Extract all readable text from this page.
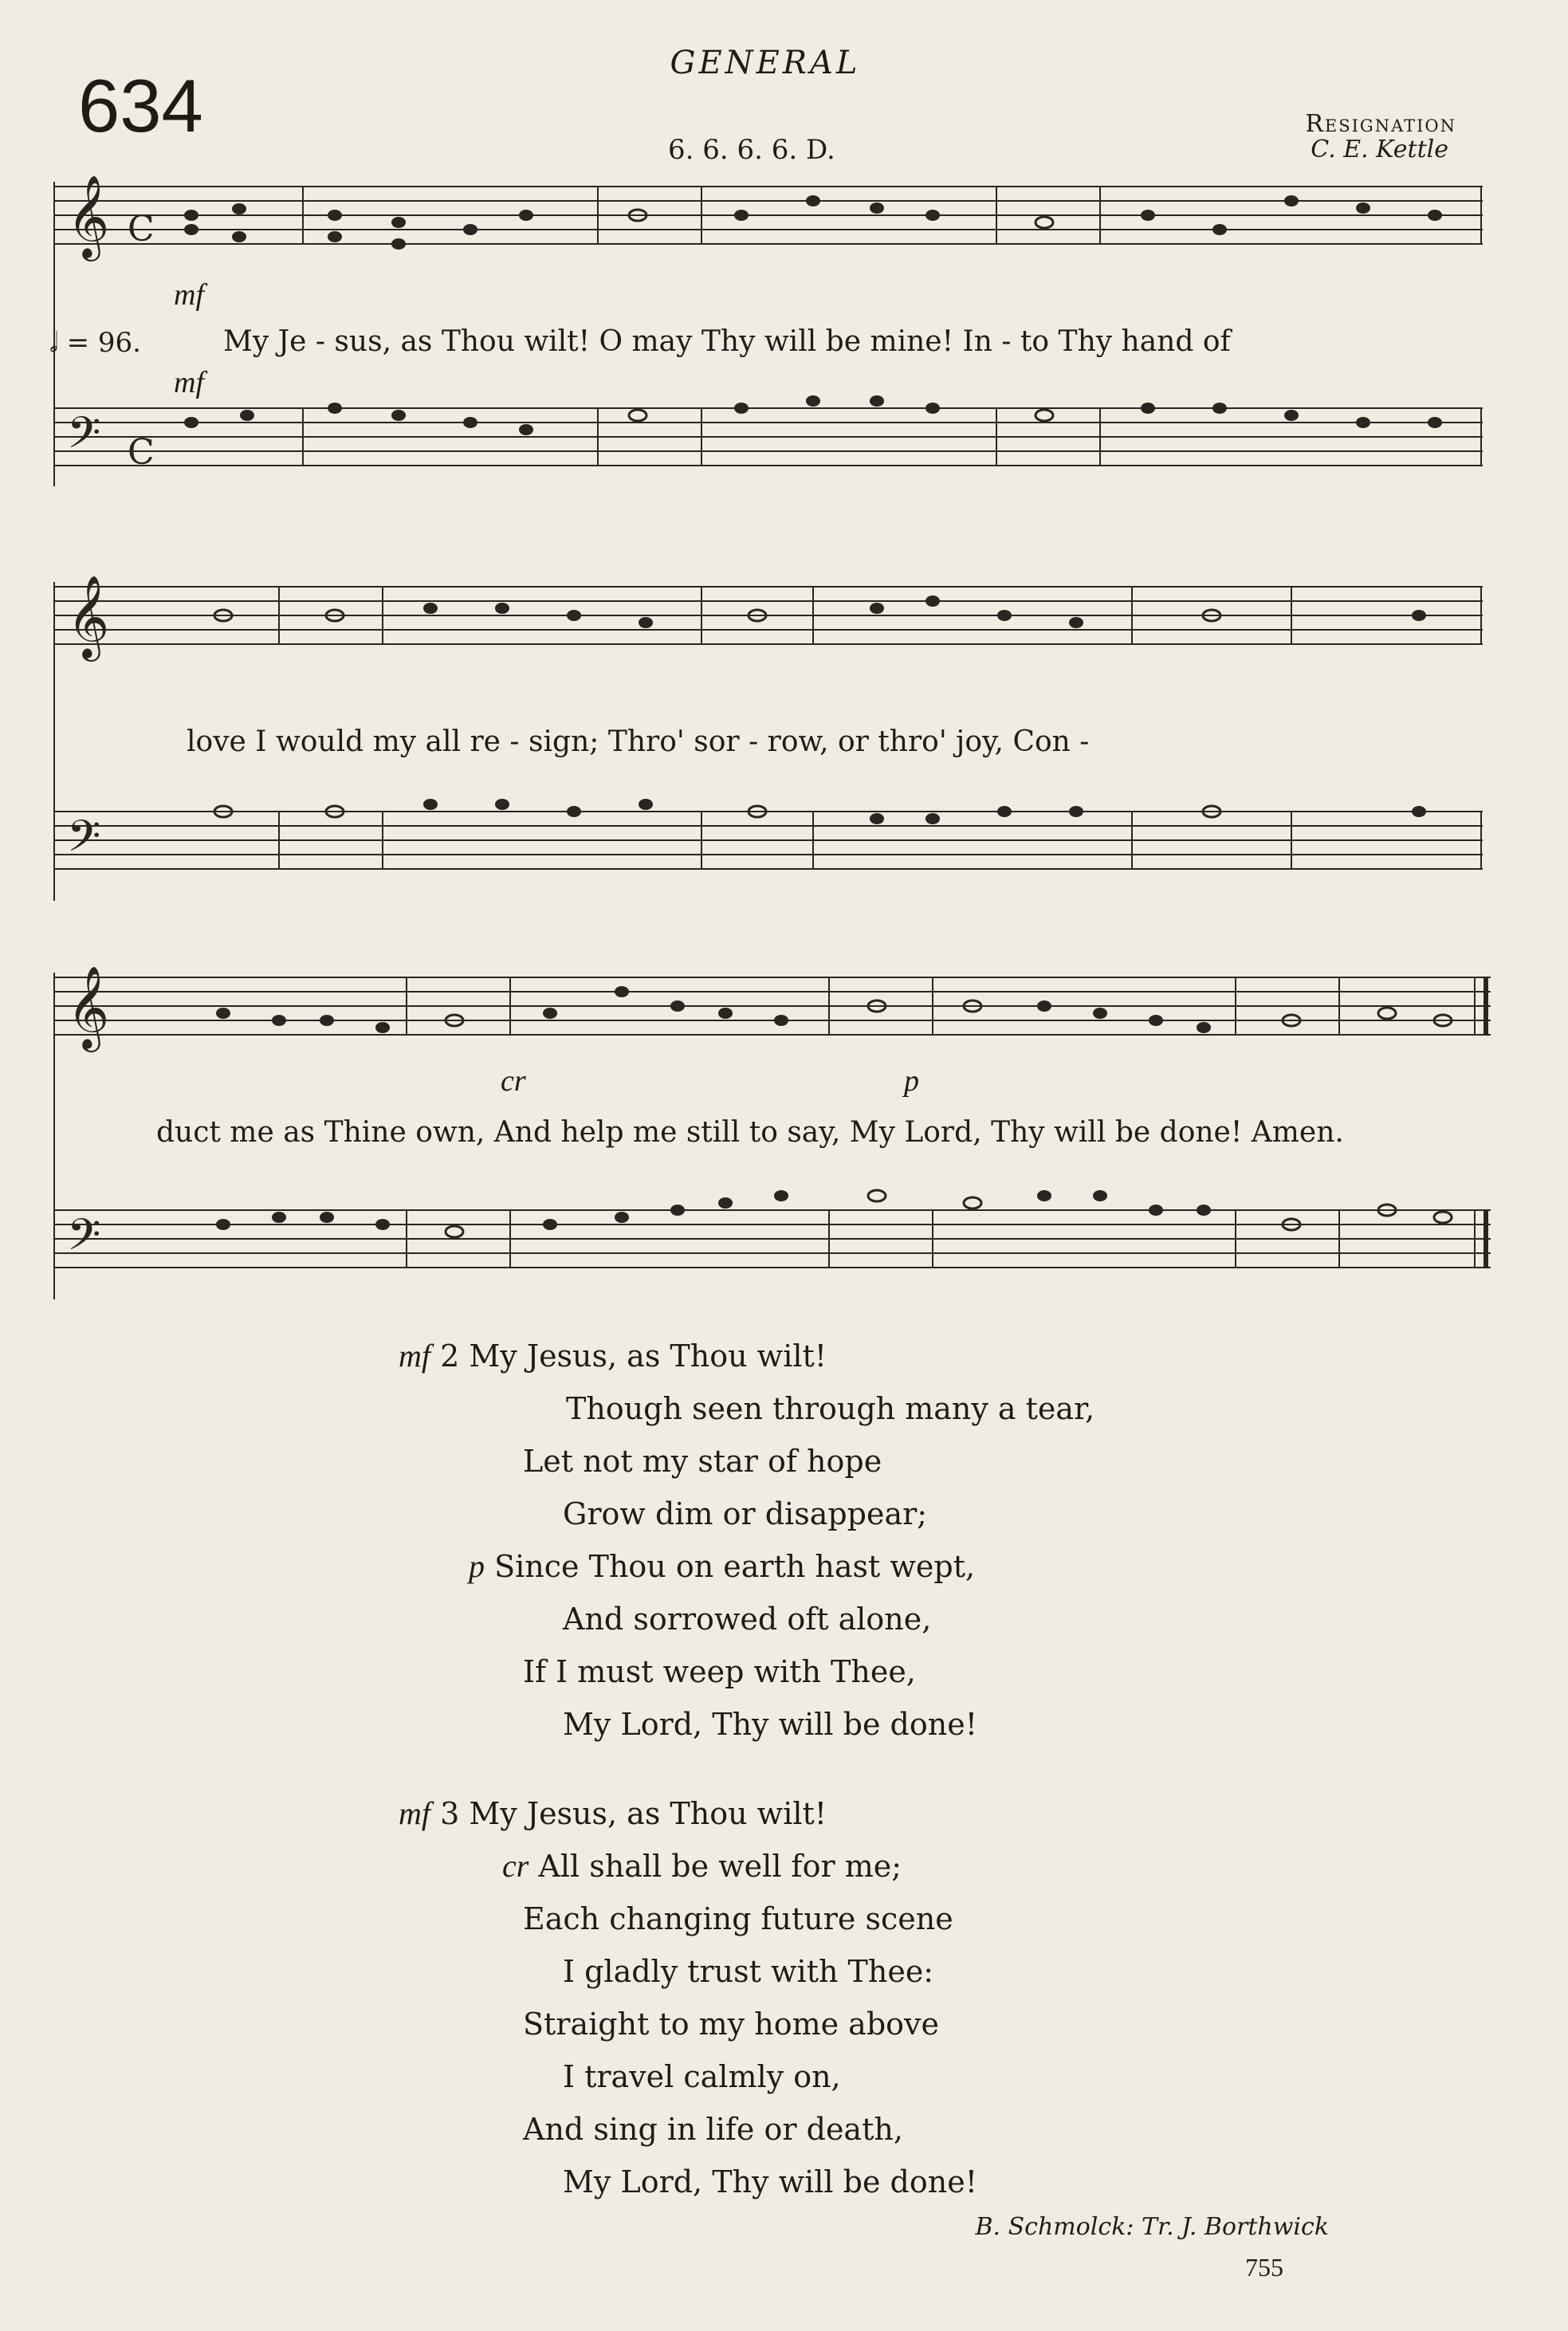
GENERAL
634
6. 6. 6. 6. D.
Resignation
C. E. Kettle
𝄞
𝄢
C
C
𝅗𝅥 = 96.
mf
mf
My Je - sus, as Thou wilt! O may Thy will be mine! In - to Thy hand of
𝄞
𝄢
love I would my all re - sign; Thro' sor - row, or thro' joy, Con -
𝄞
𝄢
cr	p
duct me as Thine own, And help me still to say, My Lord, Thy will be done! Amen.
mf 2 My Jesus, as Thou wilt!
Though seen through many a tear,
Let not my star of hope
Grow dim or disappear;
p Since Thou on earth hast wept,
And sorrowed oft alone,
If I must weep with Thee,
My Lord, Thy will be done!
mf 3 My Jesus, as Thou wilt!
cr All shall be well for me;
Each changing future scene
I gladly trust with Thee:
Straight to my home above
I travel calmly on,
And sing in life or death,
My Lord, Thy will be done!
B. Schmolck: Tr. J. Borthwick
755
